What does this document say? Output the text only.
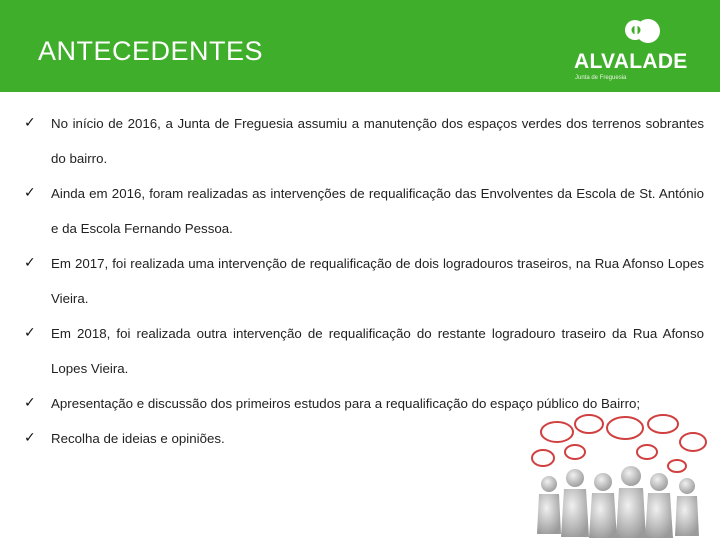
ANTECEDENTES	ALVALADE
Junta de Freguesia
✓ No início de 2016, a Junta de Freguesia assumiu a manutenção dos espaços verdes dos terrenos sobrantes do bairro.
✓ Ainda em 2016, foram realizadas as intervenções de requalificação das Envolventes da Escola de St. António e da Escola Fernando Pessoa.
✓ Em 2017, foi realizada uma intervenção de requalificação de dois logradouros traseiros, na Rua Afonso Lopes Vieira.
✓ Em 2018, foi realizada outra intervenção de requalificação do restante logradouro traseiro da Rua Afonso Lopes Vieira.
✓ Apresentação e discussão dos primeiros estudos para a requalificação do espaço público do Bairro;
✓ Recolha de ideias e opiniões.
